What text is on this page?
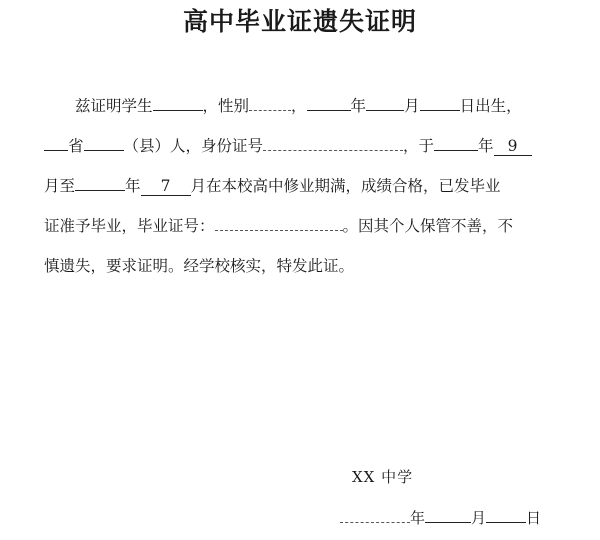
高中毕业证遗失证明
兹证明学生	，性别	，	年 月	日出生，
省	（县）人，身份证号	，于	年 9
月至	年 7 月在本校高中修业期满，成绩合格，已发毕业
证准予毕业，毕业证号：	。因其个人保管不善，不
慎遗失，要求证明。经学校核实，特发此证。
XX 中学
年	月	日
